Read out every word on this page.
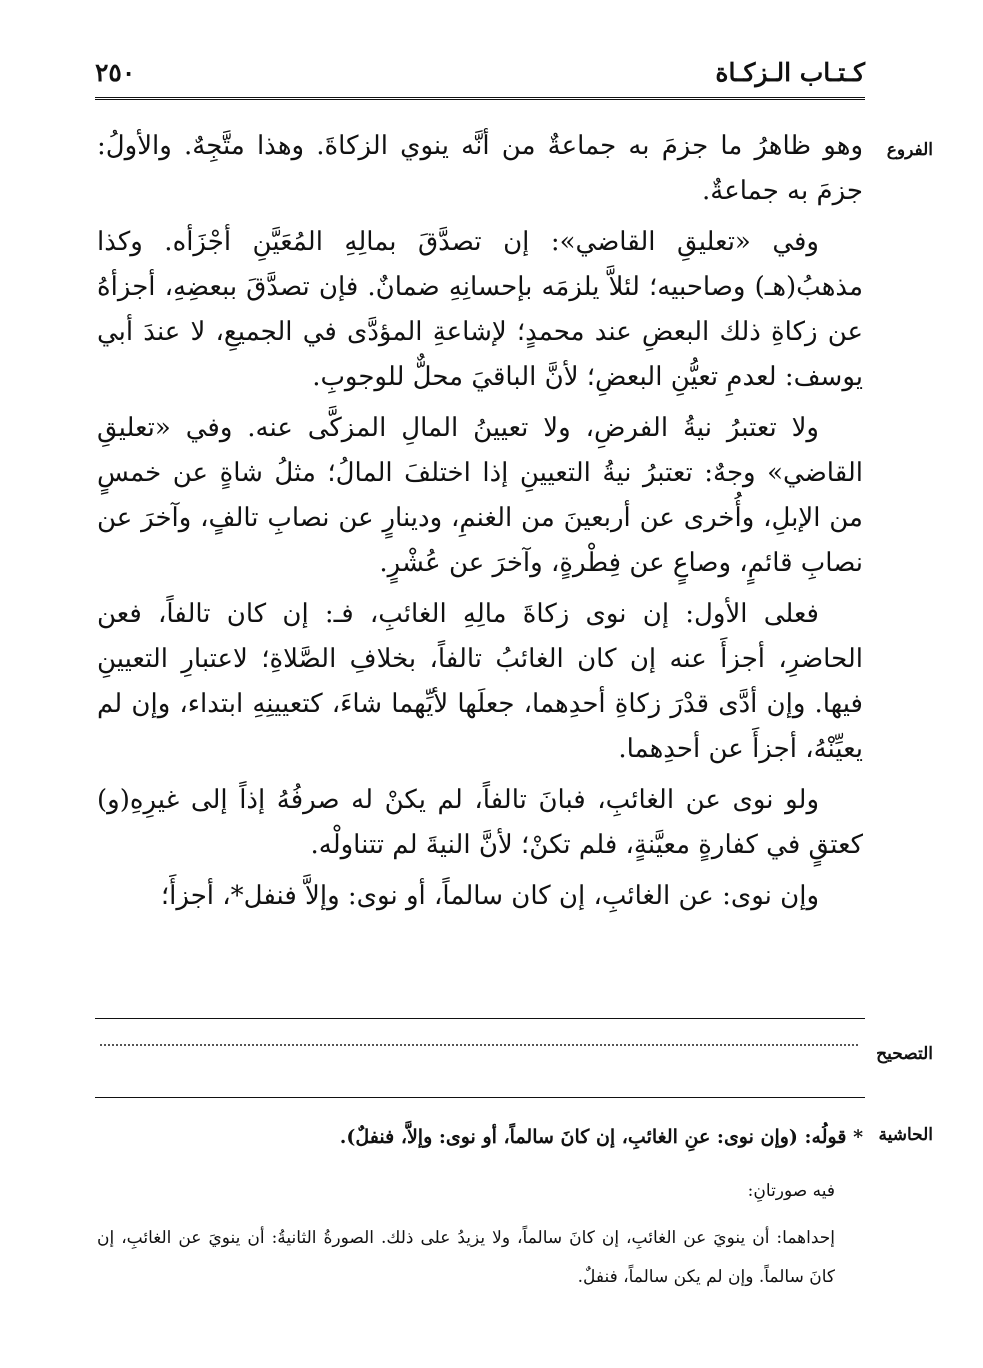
كـتـاب الـزكـاة
٢٥٠
الفروع

وهو ظاهرُ ما جزمَ به جماعةٌ من أنَّه ينوي الزكاةَ. وهذا متَّجِهٌ. والأولُ: جزمَ به جماعةٌ.

وفي «تعليقِ القاضي»: إن تصدَّقَ بمالِهِ المُعَيَّنِ أجْزَأه. وكذا مذهبُ(هـ) وصاحبيه؛ لئلاَّ يلزمَه بإحسانِهِ ضمانٌ. فإن تصدَّقَ ببعضِهِ، أجزأهُ عن زكاةِ ذلك البعضِ عند محمدٍ؛ لإشاعةِ المؤدَّى في الجميعِ، لا عندَ أبي يوسف: لعدمِ تعيُّنِ البعضِ؛ لأنَّ الباقيَ محلٌّ للوجوبِ.

ولا تعتبرُ نيةُ الفرضِ، ولا تعيينُ المالِ المزكَّى عنه. وفي «تعليقِ القاضي» وجهٌ: تعتبرُ نيةُ التعيينِ إذا اختلفَ المالُ؛ مثلُ شاةٍ عن خمسٍ من الإبلِ، وأُخرى عن أربعينَ من الغنمِ، ودينارٍ عن نصابِ تالفٍ، وآخرَ عن نصابِ قائمٍ، وصاعٍ عن فِطْرةٍ، وآخرَ عن عُشْرٍ.

فعلى الأول: إن نوى زكاةَ مالِهِ الغائبِ، فـ: إن كان تالفاً، فعن الحاضرِ، أجزأَ عنه إن كان الغائبُ تالفاً، بخلافِ الصَّلاةِ؛ لاعتبارِ التعيينِ فيها. وإن أدَّى قدْرَ زكاةِ أحدِهما، جعلَها لأيِّهما شاءَ، كتعيينِهِ ابتداء، وإن لم يعيِّنْهُ، أجزأَ عن أحدِهما.

ولو نوى عن الغائبِ، فبانَ تالفاً، لم يكنْ له صرفُهُ إذاً إلى غيرِهِ(و) كعتقٍ في كفارةٍ معيَّنةٍ، فلم تكنْ؛ لأنَّ النيةَ لم تتناولْه.

وإن نوى: عن الغائبِ، إن كان سالماً، أو نوى: وإلاَّ فنفل*، أجزأَ؛

التصحيح
الحاشية
* قولُه: (وإن نوى: عنِ الغائبِ، إن كانَ سالماً، أو نوى: وإلاَّ، فنفلٌ).
فيه صورتانِ:
إحداهما: أن ينويَ عن الغائبِ، إن كانَ سالماً، ولا يزيدُ على ذلك. الصورةُ الثانيةُ: أن ينويَ عن الغائبِ، إن كانَ سالماً. وإن لم يكن سالماً، فنفلٌ.
